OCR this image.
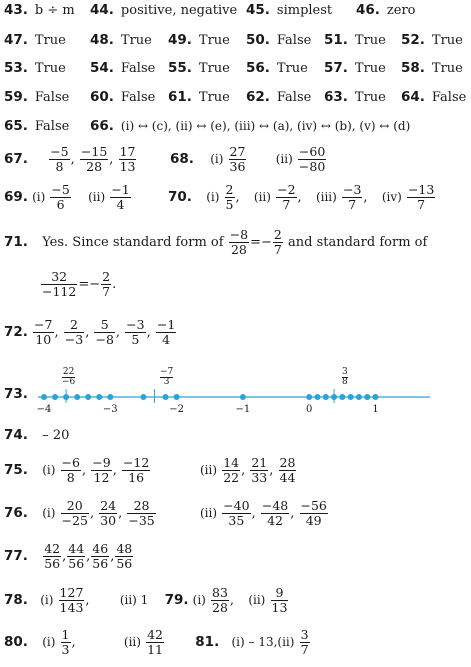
43. b ÷ m 44. positive, negative 45. simplest 46. zero
47. True 48. True 49. True 50. False 51. True 52. True
53. True 54. False 55. True 56. True 57. True 58. True
59. False 60. False 61. True 62. False 63. True 64. False
65. False 66. (i) ↔ (c), (ii) ↔ (e), (iii) ↔ (a), (iv) ↔ (b), (v) ↔ (d)
67. $\frac{-5}{8}$ , $\frac{-15}{28}$ , $\frac{17}{13} 68$. $(i) \frac{27}{36} (ii) \frac{-60}{-80}$
69. $(i) \frac{-5}{6} (ii) \frac{-1}{4}$	70. $(i) \frac{2}{5}$ ,  $(ii) \frac{-2}{7}$ ,  $(iii) \frac{-3}{7}$ ,  $(iv) \frac{-13}{7}$
71. Yes. Since standard form of $\frac{-8}{28} =- \frac{2}{7}$ and standard form of
$\frac{32}{-112} =- \frac{2}{7}$ .
72. $\frac{-7}{10}$ , $\frac{2}{-3}$ , $\frac{5}{-8}$ , $\frac{-3}{5}$ , $\frac{-1}{4}$
73.
$\frac{22}{-6}$	$\frac{-7}{3}$	$\frac{3}{8}$
−4	−3	−2	−1	0	1
74. – 20
75. $(i) \frac{-6}{8}$ , $\frac{-9}{12}$ , $\frac{-12}{16}$	$(ii) \frac{14}{22}$ , $\frac{21}{33}$ , $\frac{28}{44}$
76. $(i) \frac{20}{-25}$ , $\frac{24}{30}$ , $\frac{28}{-35}$	$(ii) \frac{-40}{35}$ , $\frac{-48}{42}$ , $\frac{-56}{49}$
77. $\frac{42}{56}$ , $\frac{44}{56}$ , $\frac{46}{56}$ , $\frac{48}{56}$
78. $(i) \frac{127}{143}$ ,  (ii) 1 79. $(i) \frac{83}{28}$ ,  $(ii) \frac{9}{13}$
80. $(i) \frac{1}{3}$ ,	$(ii) \frac{42}{11} 81$. $(i) - 13,(ii) \frac{3}{7}$
